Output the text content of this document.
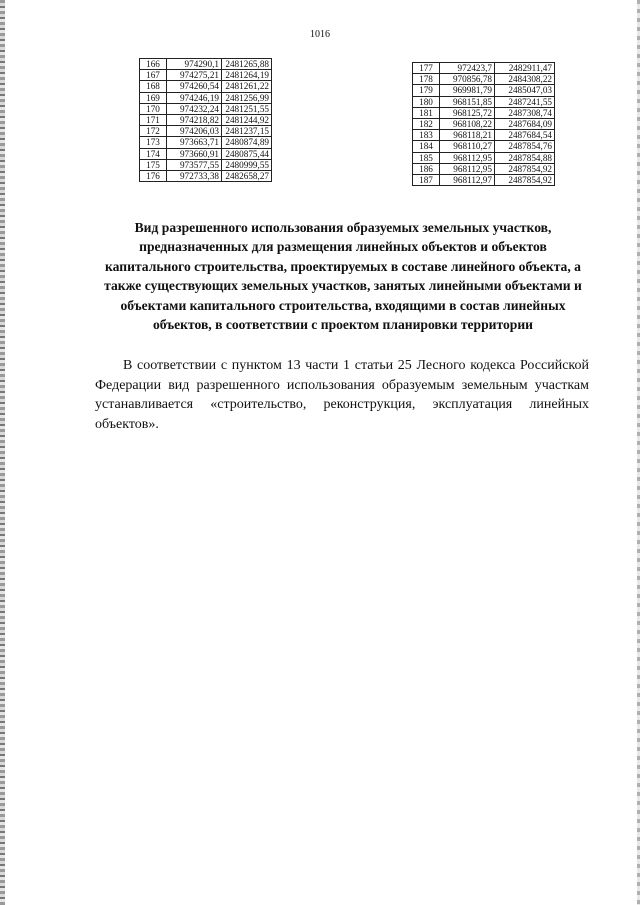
1016
166	974290,1	2481265,88
167	974275,21	2481264,19
168	974260,54	2481261,22
169	974246,19	2481256,99
170	974232,24	2481251,55
171	974218,82	2481244,92
172	974206,03	2481237,15
173	973663,71	2480874,89
174	973660,91	2480875,44
175	973577,55	2480999,55
176	972733,38	2482658,27
177	972423,7	2482911,47
178	970856,78	2484308,22
179	969981,79	2485047,03
180	968151,85	2487241,55
181	968125,72	2487308,74
182	968108,22	2487684,09
183	968118,21	2487684,54
184	968110,27	2487854,76
185	968112,95	2487854,88
186	968112,95	2487854,92
187	968112,97	2487854,92

Вид разрешенного использования образуемых земельных участков, предназначенных для размещения линейных объектов и объектов капитального строительства, проектируемых в составе линейного объекта, а также существующих земельных участков, занятых линейными объектами и объектами капитального строительства, входящими в состав линейных объектов, в соответствии с проектом планировки территории

В соответствии с пунктом 13 части 1 статьи 25 Лесного кодекса Российской Федерации вид разрешенного использования образуемым земельным участкам устанавливается «строительство, реконструкция, эксплуатация линейных объектов».
